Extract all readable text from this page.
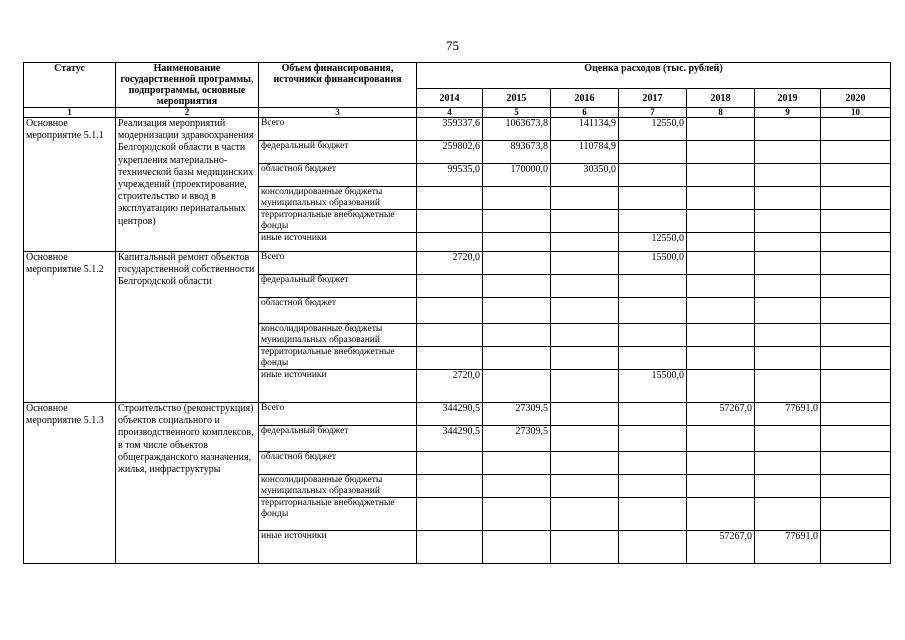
75
Статус	Наименование государственной программы, подпрограммы, основные мероприятия	Объем финансирования, источники финансирования	Оценка расходов (тыс. рублей)						
			2014	2015	2016	2017	2018	2019	2020
1	2	3	4	5	6	7	8	9	10
Основное мероприятие 5.1.1	Реализация мероприятий модернизации здравоохранения Белгородской области в части укрепления материально-технической базы медицинских учреждений (проектирование, строительство и ввод в эксплуатацию перинатальных центров)	Всего	359337,6	1063673,8	141134,9	12550,0			
		федеральный бюджет	259802,6	893673,8	110784,9				
		областной бюджет	99535,0	170000,0	30350,0				
		консолидированные бюджеты муниципальных образований							
		территориальные внебюджетные фонды							
		иные источники				12550,0			
Основное мероприятие 5.1.2	Капитальный ремонт объектов государственной собственности Белгородской области	Всего	2720,0			15500,0			
		федеральный бюджет							
		областной бюджет							
		консолидированные бюджеты муниципальных образований							
		территориальные внебюджетные фонды							
		иные источники	2720,0			15500,0			
Основное мероприятие 5.1.3	Строительство (реконструкция) объектов социального и производственного комплексов, в том числе объектов общегражданского назначения, жилья, инфраструктуры	Всего	344290,5	27309,5			57267,0	77691,0	
		федеральный бюджет	344290,5	27309,5					
		областной бюджет							
		консолидированные бюджеты муниципальных образований							
		территориальные внебюджетные фонды							
		иные источники					57267,0	77691,0	
